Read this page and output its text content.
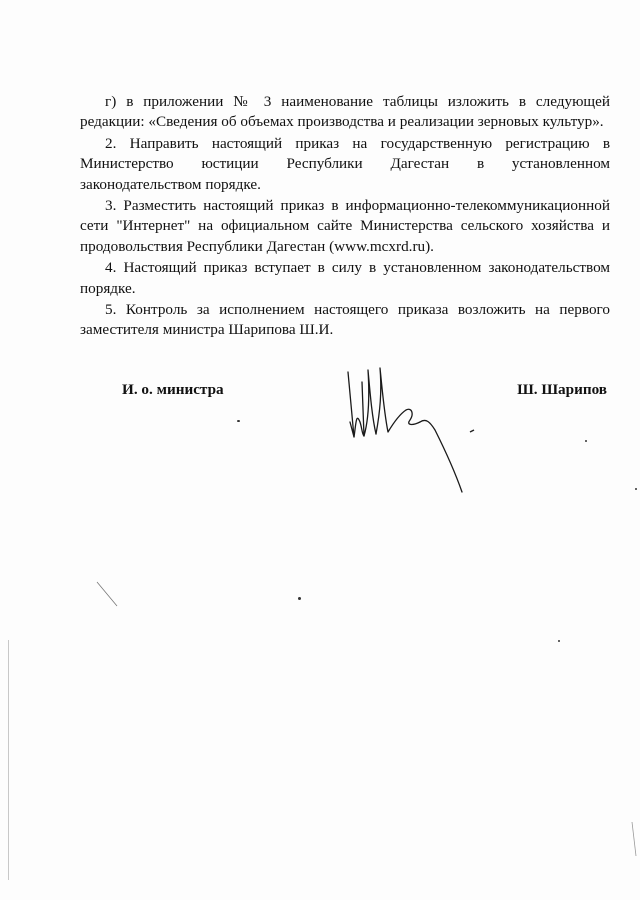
г) в приложении № 3 наименование таблицы изложить в следующей редакции: «Сведения об объемах производства и реализации зерновых культур».

2. Направить настоящий приказ на государственную регистрацию в Министерство юстиции Республики Дагестан в установленном законодательством порядке.

3. Разместить настоящий приказ в информационно-телекоммуникационной сети "Интернет" на официальном сайте Министерства сельского хозяйства и продовольствия Республики Дагестан (www.mcxrd.ru).

4. Настоящий приказ вступает в силу в установленном законодательством порядке.

5. Контроль за исполнением настоящего приказа возложить на первого заместителя министра Шарипова Ш.И.

И. о. министра	Ш. Шарипов
